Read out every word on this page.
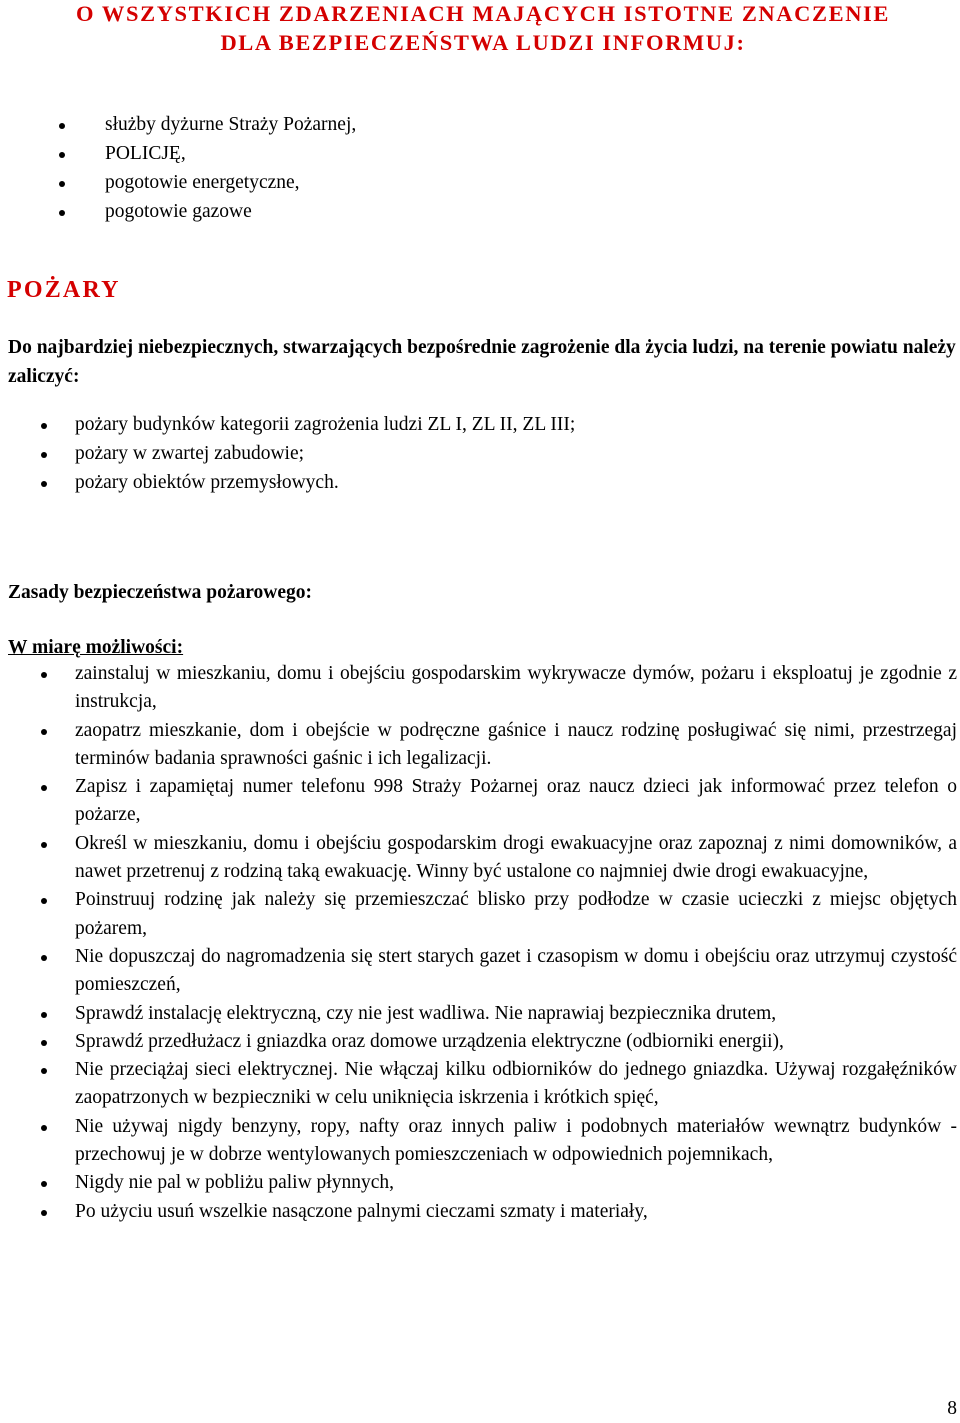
O WSZYSTKICH ZDARZENIACH MAJĄCYCH ISTOTNE ZNACZENIE
DLA BEZPIECZEŃSTWA LUDZI INFORMUJ:
służby dyżurne Straży Pożarnej,
POLICJĘ,
pogotowie energetyczne,
pogotowie gazowe
POŻARY

Do najbardziej niebezpiecznych, stwarzających bezpośrednie zagrożenie dla życia ludzi, na terenie powiatu należy zaliczyć:

pożary budynków kategorii zagrożenia ludzi ZL I, ZL II, ZL III;
pożary w zwartej zabudowie;
pożary obiektów przemysłowych.

Zasady bezpieczeństwa pożarowego:

W miarę możliwości:

zainstaluj w mieszkaniu, domu i obejściu gospodarskim wykrywacze dymów, pożaru i eksploatuj je zgodnie z instrukcja,
zaopatrz mieszkanie, dom i obejście w podręczne gaśnice i naucz rodzinę posługiwać się nimi, przestrzegaj terminów badania sprawności gaśnic i ich legalizacji.
Zapisz i zapamiętaj numer telefonu 998 Straży Pożarnej oraz naucz dzieci jak informować przez telefon o pożarze,
Określ w mieszkaniu, domu i obejściu gospodarskim drogi ewakuacyjne oraz zapoznaj z nimi domowników, a nawet przetrenuj z rodziną taką ewakuację. Winny być ustalone co najmniej dwie drogi ewakuacyjne,
Poinstruuj rodzinę jak należy się przemieszczać blisko przy podłodze w czasie ucieczki z miejsc objętych pożarem,
Nie dopuszczaj do nagromadzenia się stert starych gazet i czasopism w domu i obejściu oraz utrzymuj czystość pomieszczeń,
Sprawdź instalację elektryczną, czy nie jest wadliwa. Nie naprawiaj bezpiecznika drutem,
Sprawdź przedłużacz i gniazdka oraz domowe urządzenia elektryczne (odbiorniki energii),
Nie przeciążaj sieci elektrycznej. Nie włączaj kilku odbiorników do jednego gniazdka. Używaj rozgałęźników zaopatrzonych w bezpieczniki w celu uniknięcia iskrzenia i krótkich spięć,
Nie używaj nigdy benzyny, ropy, nafty oraz innych paliw i podobnych materiałów wewnątrz budynków - przechowuj je w dobrze wentylowanych pomieszczeniach w odpowiednich pojemnikach,
Nigdy nie pal w pobliżu paliw płynnych,
Po użyciu usuń wszelkie nasączone palnymi cieczami szmaty i materiały,
8
